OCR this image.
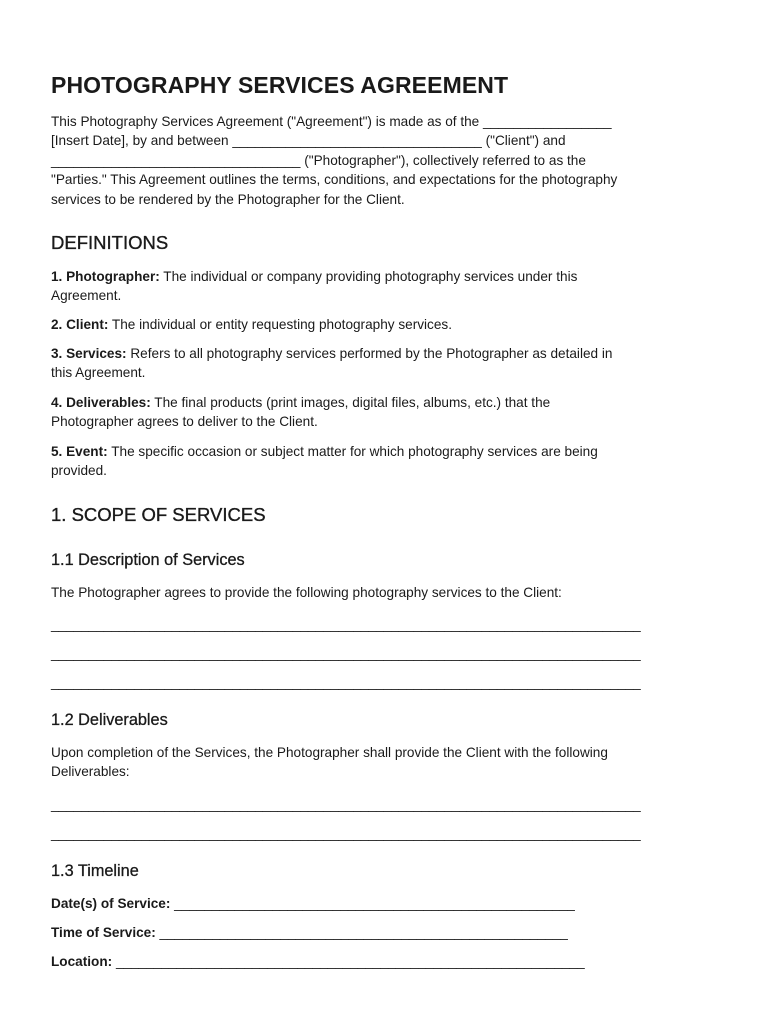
PHOTOGRAPHY SERVICES AGREEMENT
This Photography Services Agreement ("Agreement") is made as of the _________________
[Insert Date], by and between _________________________________ ("Client") and
_________________________________ ("Photographer"), collectively referred to as the
"Parties." This Agreement outlines the terms, conditions, and expectations for the photography
services to be rendered by the Photographer for the Client.
DEFINITIONS
1. Photographer: The individual or company providing photography services under this
Agreement.
2. Client: The individual or entity requesting photography services.
3. Services: Refers to all photography services performed by the Photographer as detailed in
this Agreement.
4. Deliverables: The final products (print images, digital files, albums, etc.) that the
Photographer agrees to deliver to the Client.
5. Event: The specific occasion or subject matter for which photography services are being
provided.
1. SCOPE OF SERVICES
1.1 Description of Services
The Photographer agrees to provide the following photography services to the Client:
______________________________________________________________________________
______________________________________________________________________________
______________________________________________________________________________
1.2 Deliverables
Upon completion of the Services, the Photographer shall provide the Client with the following
Deliverables:
______________________________________________________________________________
______________________________________________________________________________
1.3 Timeline
Date(s) of Service: _____________________________________________________
Time of Service: ______________________________________________________
Location: ______________________________________________________________
